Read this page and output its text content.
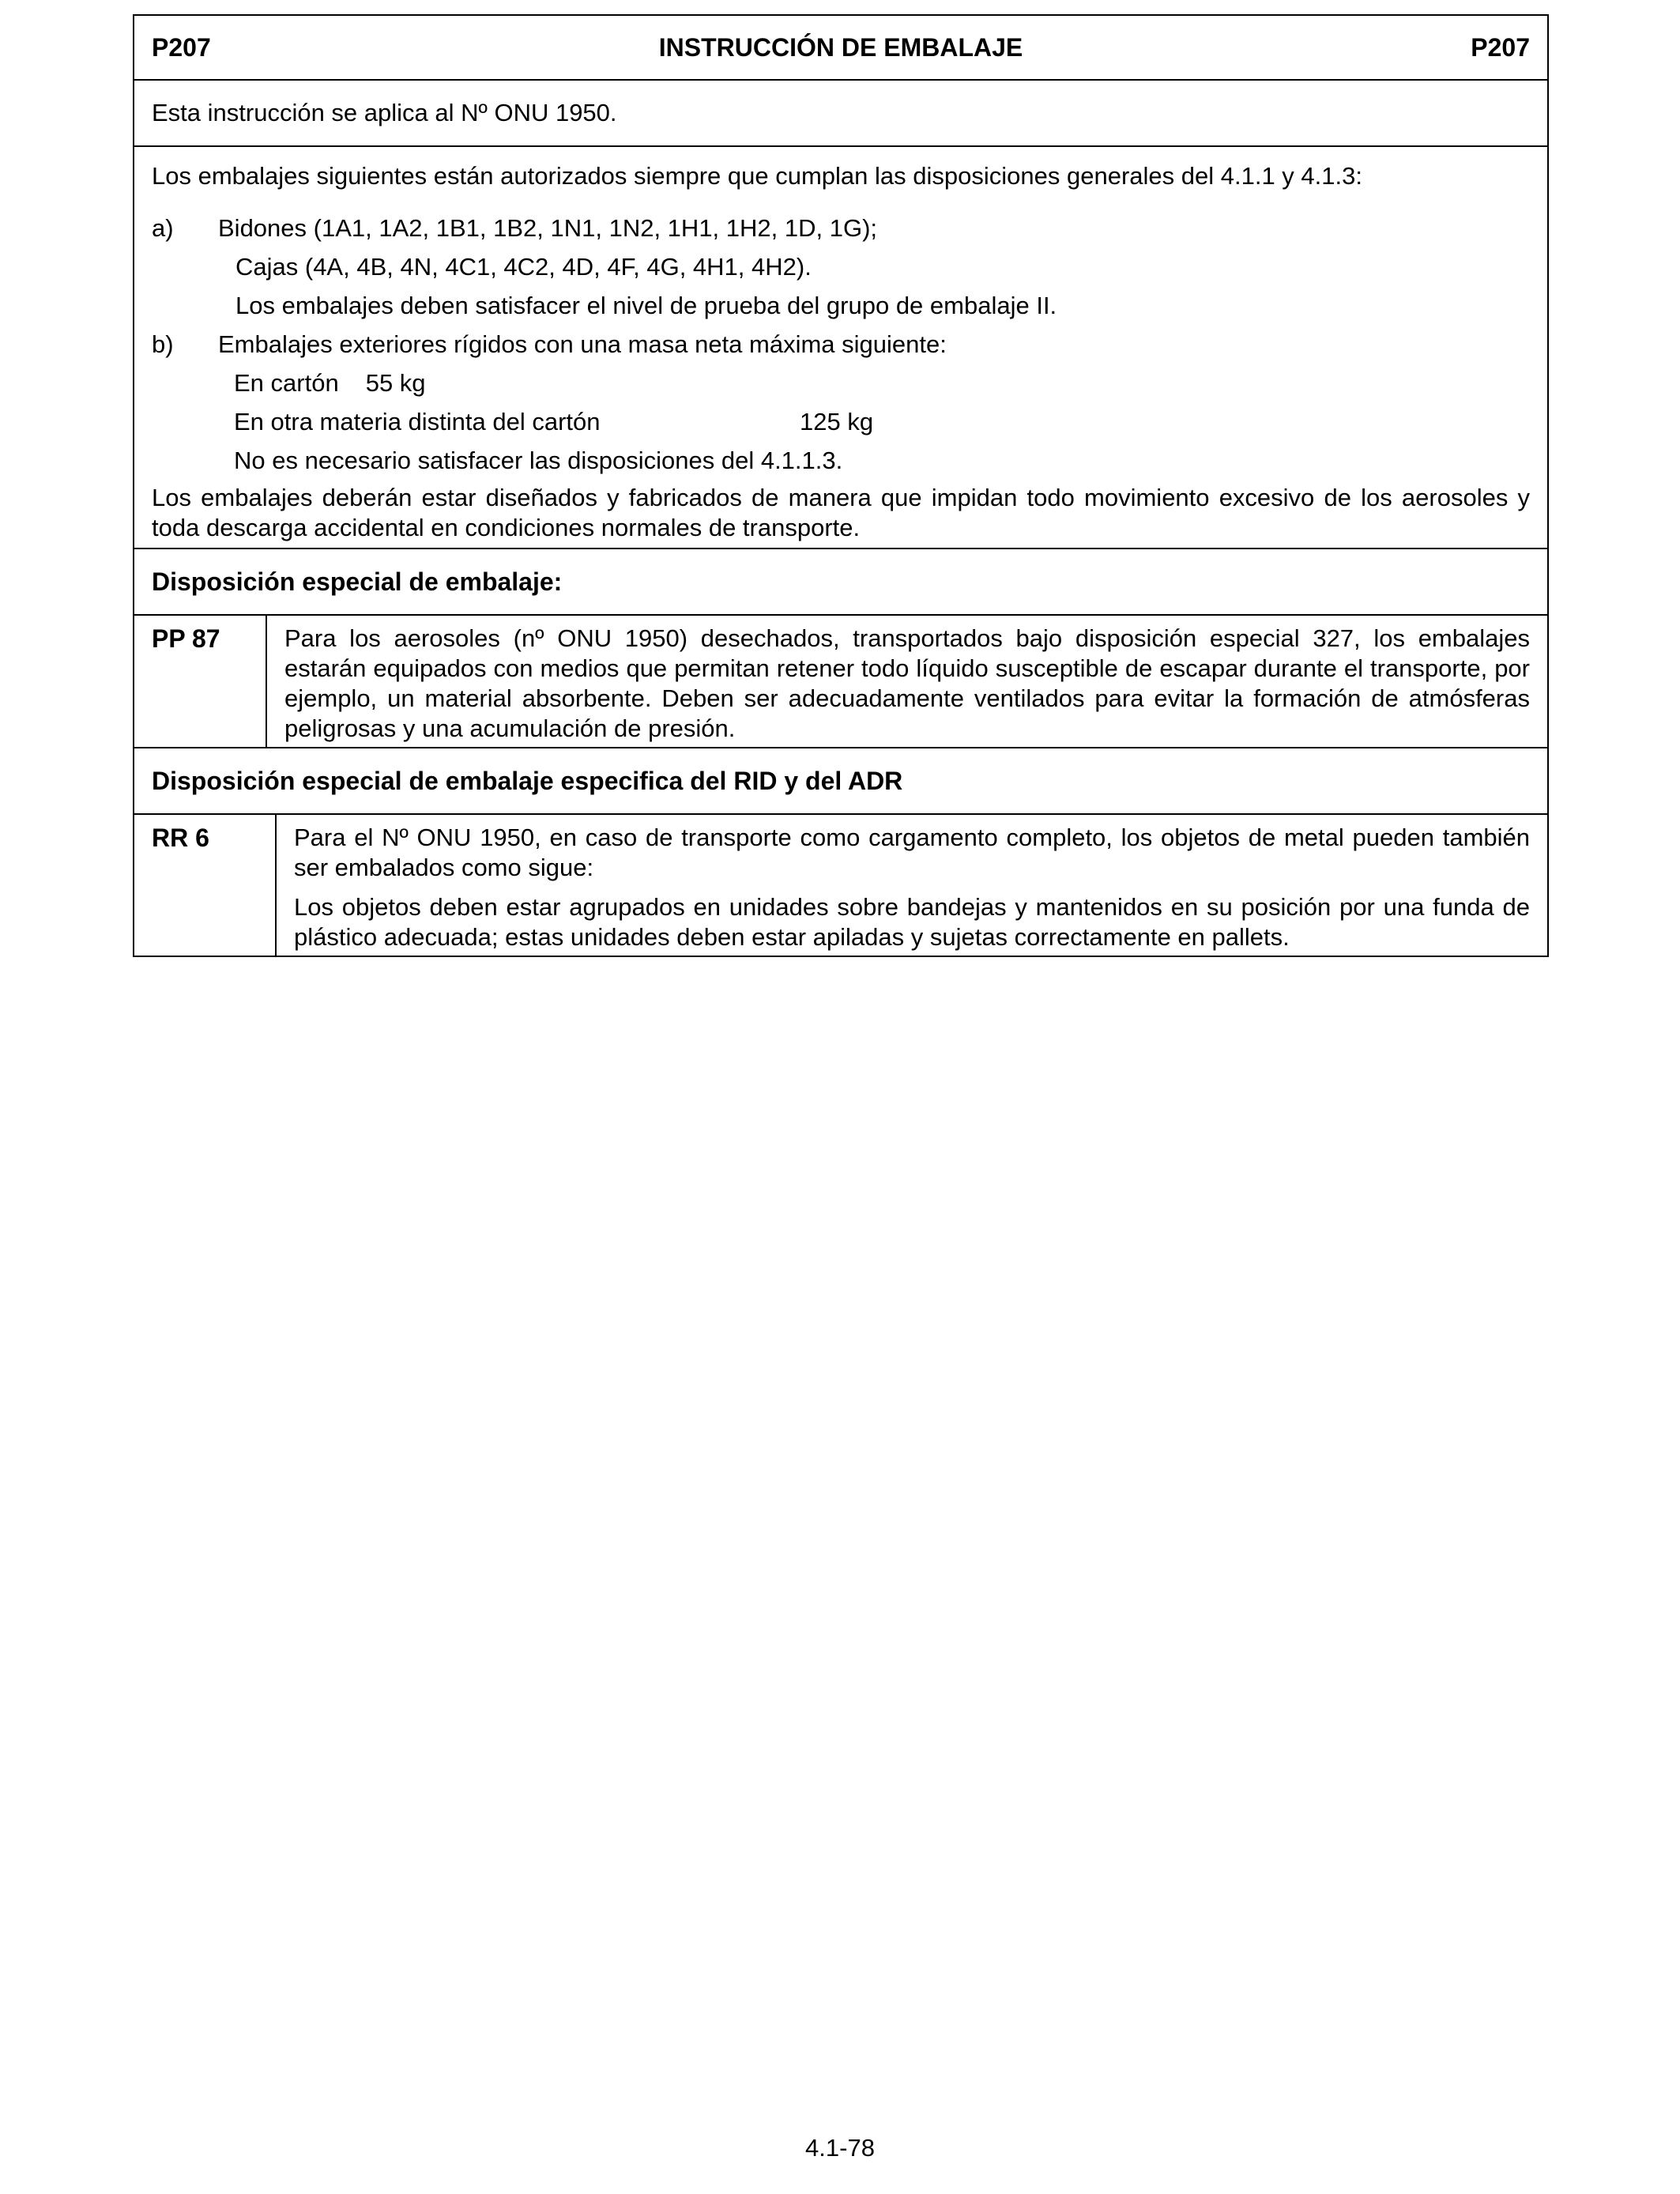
P207	INSTRUCCIÓN DE EMBALAJE	P207
Esta instrucción se aplica al Nº ONU 1950.

Los embalajes siguientes están autorizados siempre que cumplan las disposiciones generales del 4.1.1 y 4.1.3:

a)	Bidones (1A1, 1A2, 1B1, 1B2, 1N1, 1N2, 1H1, 1H2, 1D, 1G);
Cajas (4A, 4B, 4N, 4C1, 4C2, 4D, 4F, 4G, 4H1, 4H2).
Los embalajes deben satisfacer el nivel de prueba del grupo de embalaje II.
b)	Embalajes exteriores rígidos con una masa neta máxima siguiente:
En cartón 55 kg
En otra materia distinta del cartón	125 kg
No es necesario satisfacer las disposiciones del 4.1.1.3.

Los embalajes deberán estar diseñados y fabricados de manera que impidan todo movimiento excesivo de los aerosoles y toda descarga accidental en condiciones normales de transporte.

Disposición especial de embalaje:
PP 87	Para los aerosoles (nº ONU 1950) desechados, transportados bajo disposición especial 327, los embalajes estarán equipados con medios que permitan retener todo líquido susceptible de escapar durante el transporte, por ejemplo, un material absorbente. Deben ser adecuadamente ventilados para evitar la formación de atmósferas peligrosas y una acumulación de presión.

Disposición especial de embalaje especifica del RID y del ADR
RR 6	Para el Nº ONU 1950, en caso de transporte como cargamento completo, los objetos de metal pueden también ser embalados como sigue:

Los objetos deben estar agrupados en unidades sobre bandejas y mantenidos en su posición por una funda de plástico adecuada; estas unidades deben estar apiladas y sujetas correctamente en pallets.

4.1-78
